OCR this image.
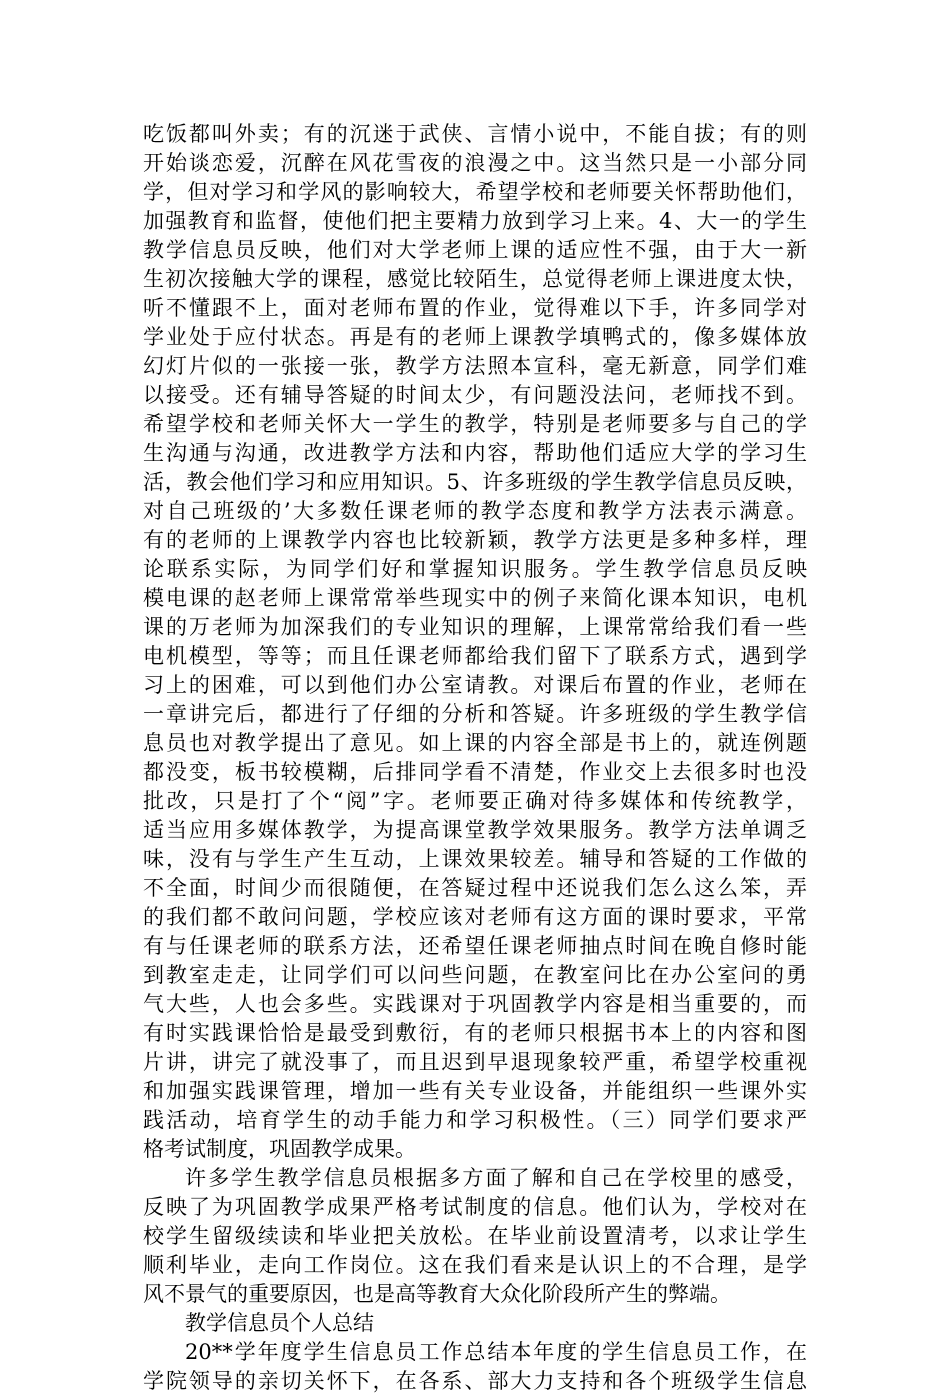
吃饭都叫外卖；有的沉迷于武侠、言情小说中，不能自拔；有的则
开始谈恋爱，沉醉在风花雪夜的浪漫之中。这当然只是一小部分同
学，但对学习和学风的影响较大，希望学校和老师要关怀帮助他们，
加强教育和监督，使他们把主要精力放到学习上来。4、大一的学生
教学信息员反映，他们对大学老师上课的适应性不强，由于大一新
生初次接触大学的课程，感觉比较陌生，总觉得老师上课进度太快，
听不懂跟不上，面对老师布置的作业，觉得难以下手，许多同学对
学业处于应付状态。再是有的老师上课教学填鸭式的，像多媒体放
幻灯片似的一张接一张，教学方法照本宣科，毫无新意，同学们难
以接受。还有辅导答疑的时间太少，有问题没法问，老师找不到。
希望学校和老师关怀大一学生的教学，特别是老师要多与自己的学
生沟通与沟通，改进教学方法和内容，帮助他们适应大学的学习生
活，教会他们学习和应用知识。5、许多班级的学生教学信息员反映，
对自己班级的’大多数任课老师的教学态度和教学方法表示满意。
有的老师的上课教学内容也比较新颖，教学方法更是多种多样，理
论联系实际，为同学们好和掌握知识服务。学生教学信息员反映
模电课的赵老师上课常常举些现实中的例子来简化课本知识，电机
课的万老师为加深我们的专业知识的理解，上课常常给我们看一些
电机模型，等等；而且任课老师都给我们留下了联系方式，遇到学
习上的困难，可以到他们办公室请教。对课后布置的作业，老师在
一章讲完后，都进行了仔细的分析和答疑。许多班级的学生教学信
息员也对教学提出了意见。如上课的内容全部是书上的，就连例题
都没变，板书较模糊，后排同学看不清楚，作业交上去很多时也没
批改，只是打了个“阅”字。老师要正确对待多媒体和传统教学，
适当应用多媒体教学，为提高课堂教学效果服务。教学方法单调乏
味，没有与学生产生互动，上课效果较差。辅导和答疑的工作做的
不全面，时间少而很随便，在答疑过程中还说我们怎么这么笨，弄
的我们都不敢问问题，学校应该对老师有这方面的课时要求，平常
有与任课老师的联系方法，还希望任课老师抽点时间在晚自修时能
到教室走走，让同学们可以问些问题，在教室问比在办公室问的勇
气大些，人也会多些。实践课对于巩固教学内容是相当重要的，而
有时实践课恰恰是最受到敷衍，有的老师只根据书本上的内容和图
片讲，讲完了就没事了，而且迟到早退现象较严重，希望学校重视
和加强实践课管理，增加一些有关专业设备，并能组织一些课外实
践活动，培育学生的动手能力和学习积极性。（三）同学们要求严
格考试制度，巩固教学成果。
许多学生教学信息员根据多方面了解和自己在学校里的感受，
反映了为巩固教学成果严格考试制度的信息。他们认为，学校对在
校学生留级续读和毕业把关放松。在毕业前设置清考，以求让学生
顺利毕业，走向工作岗位。这在我们看来是认识上的不合理，是学
风不景气的重要原因，也是高等教育大众化阶段所产生的弊端。
教学信息员个人总结
20**学年度学生信息员工作总结本年度的学生信息员工作，在
学院领导的亲切关怀下，在各系、部大力支持和各个班级学生信息
